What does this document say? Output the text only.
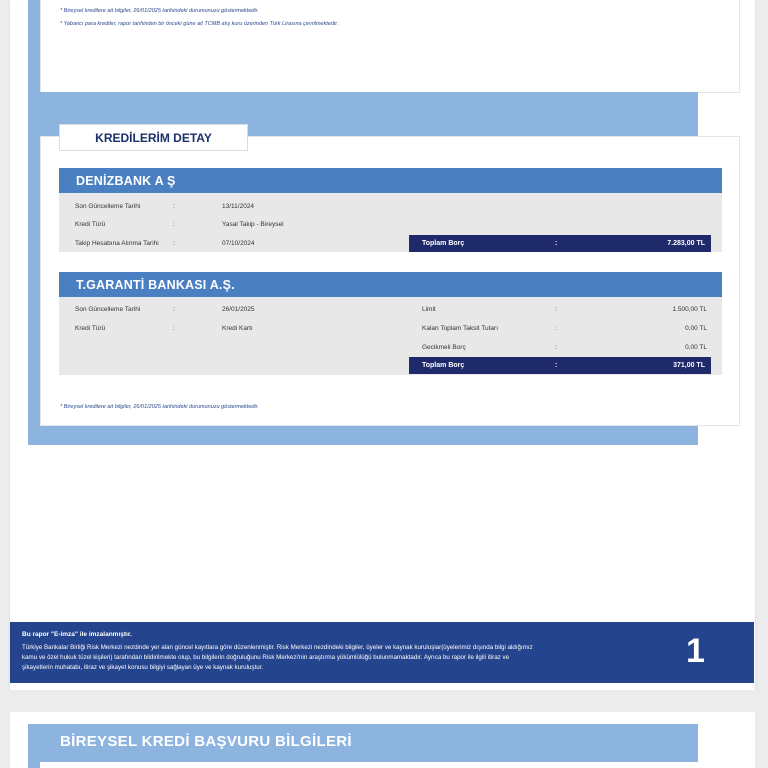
* Bireysel kredilere ait bilgiler, 26/01/2025 tarihindeki durumunuzu göstermektedir.
* Yabancı para krediler, rapor tarihinden bir önceki güne ait TCMB alış kuru üzerinden Türk Lirasına çevrilmektedir.
KREDİLERİM DETAY
DENİZBANK A Ş
Son Güncelleme Tarihi	:	13/11/2024
Kredi Türü	:	Yasal Takip - Bireysel
Takip Hesabına Alınma Tarihi :	07/10/2024	Toplam Borç	:	7.283,00 TL
T.GARANTİ BANKASI A.Ş.
Son Güncelleme Tarihi	:	26/01/2025
Kredi Türü	:	Kredi Kartı
Limit	:	1.500,00 TL
Kalan Toplam Taksit Tutarı	:	0,00 TL
Gecikmeli Borç	:	0,00 TL
Toplam Borç	:	371,00 TL
* Bireysel kredilere ait bilgiler, 26/01/2025 tarihindeki durumunuzu göstermektedir.
Bu rapor "E-imza" ile imzalanmıştır.
Türkiye Bankalar Birliği Risk Merkezi nezdinde yer alan güncel kayıtlara göre düzenlenmiştir. Risk Merkezi nezdindeki bilgiler, üyeler ve kaynak kuruluşlar(üyelerimiz dışında bilgi aldığımız
kamu ve özel hukuk tüzel kişileri) tarafından bildirilmekte olup, bu bilgilerin doğruluğunu Risk Merkezi'nin araştırma yükümlülüğü bulunmamaktadır. Ayrıca bu rapor ile ilgili itiraz ve
şikayetlerin muhatabı, itiraz ve şikayet konusu bilgiyi sağlayan üye ve kaynak kuruluştur.	1
BİREYSEL KREDİ BAŞVURU BİLGİLERİ
